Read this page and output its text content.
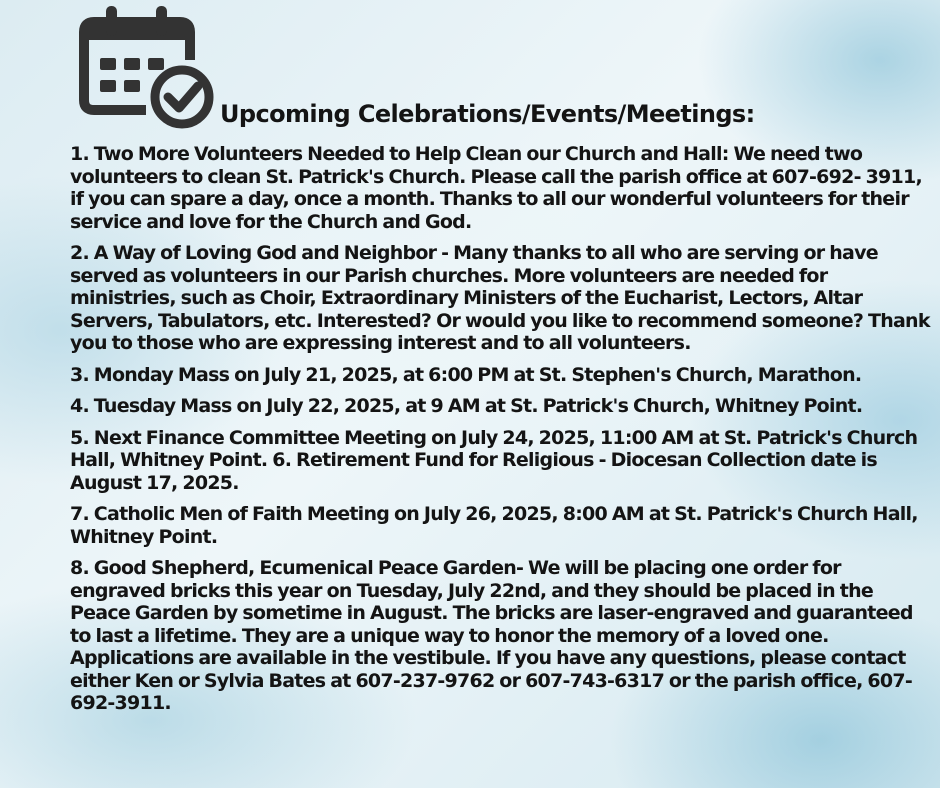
Upcoming Celebrations/Events/Meetings:

1. Two More Volunteers Needed to Help Clean our Church and Hall: We need two volunteers to clean St. Patrick's Church. Please call the parish office at 607-692- 3911, if you can spare a day, once a month. Thanks to all our wonderful volunteers for their service and love for the Church and God.

2. A Way of Loving God and Neighbor - Many thanks to all who are serving or have served as volunteers in our Parish churches. More volunteers are needed for ministries, such as Choir, Extraordinary Ministers of the Eucharist, Lectors, Altar Servers, Tabulators, etc. Interested? Or would you like to recommend someone? Thank you to those who are expressing interest and to all volunteers.

3. Monday Mass on July 21, 2025, at 6:00 PM at St. Stephen's Church, Marathon.

4. Tuesday Mass on July 22, 2025, at 9 AM at St. Patrick's Church, Whitney Point.

5. Next Finance Committee Meeting on July 24, 2025, 11:00 AM at St. Patrick's Church Hall, Whitney Point. 6. Retirement Fund for Religious - Diocesan Collection date is August 17, 2025.

7. Catholic Men of Faith Meeting on July 26, 2025, 8:00 AM at St. Patrick's Church Hall, Whitney Point.

8. Good Shepherd, Ecumenical Peace Garden- We will be placing one order for engraved bricks this year on Tuesday, July 22nd, and they should be placed in the Peace Garden by sometime in August. The bricks are laser-engraved and guaranteed to last a lifetime. They are a unique way to honor the memory of a loved one. Applications are available in the vestibule. If you have any questions, please contact either Ken or Sylvia Bates at 607-237-9762 or 607-743-6317 or the parish office, 607-692-3911.
